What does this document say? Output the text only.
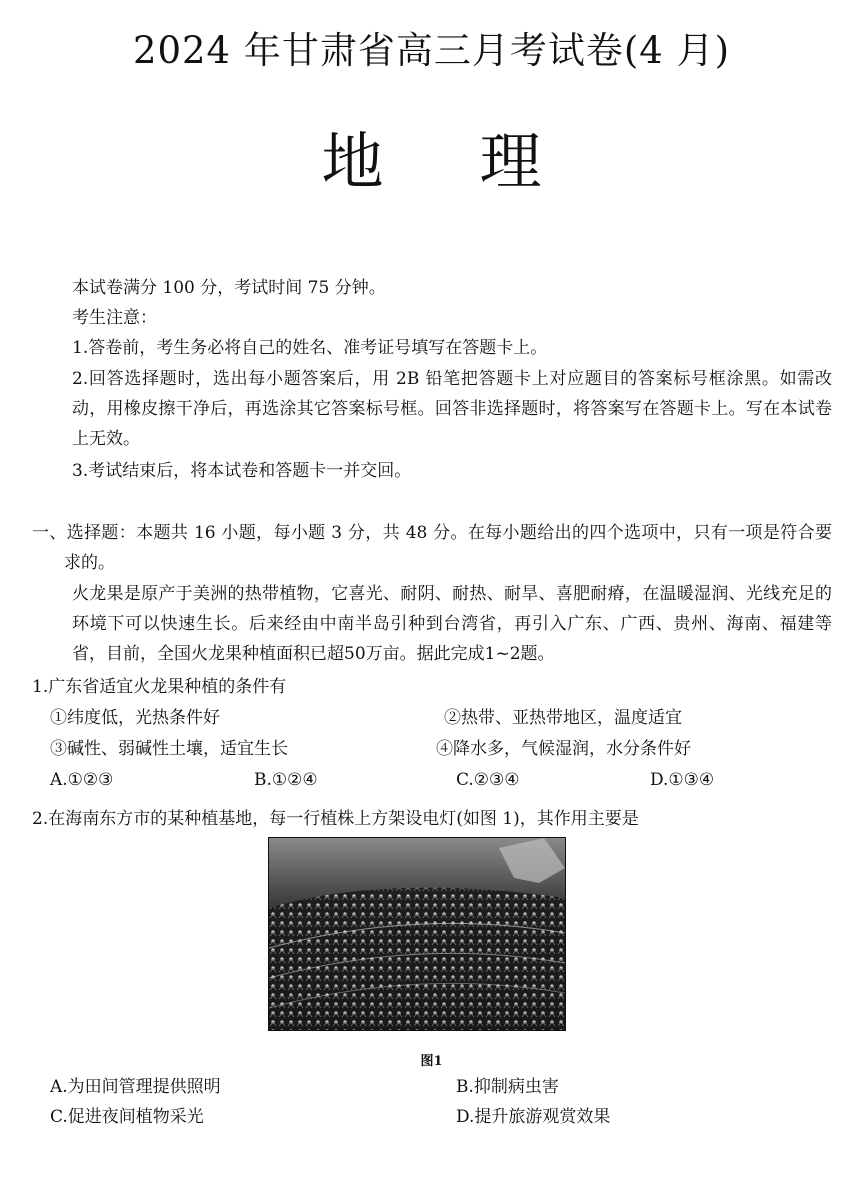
2024 年甘肃省高三月考试卷(4 月)
地 理
本试卷满分 100 分，考试时间 75 分钟。
考生注意：
1.答卷前，考生务必将自己的姓名、准考证号填写在答题卡上。
2.回答选择题时，选出每小题答案后，用 2B 铅笔把答题卡上对应题目的答案标号框涂黑。如需改动，用橡皮擦干净后，再选涂其它答案标号框。回答非选择题时，将答案写在答题卡上。写在本试卷上无效。
3.考试结束后，将本试卷和答题卡一并交回。
一、选择题：本题共 16 小题，每小题 3 分，共 48 分。在每小题给出的四个选项中，只有一项是符合要求的。
火龙果是原产于美洲的热带植物，它喜光、耐阴、耐热、耐旱、喜肥耐瘠，在温暖湿润、光线充足的环境下可以快速生长。后来经由中南半岛引种到台湾省，再引入广东、广西、贵州、海南、福建等省，目前，全国火龙果种植面积已超50万亩。据此完成1~2题。
1.广东省适宜火龙果种植的条件有
①纬度低，光热条件好	②热带、亚热带地区，温度适宜
③碱性、弱碱性土壤，适宜生长	④降水多，气候湿润，水分条件好
A.①②③	B.①②④	C.②③④	D.①③④
2.在海南东方市的某种植基地，每一行植株上方架设电灯(如图 1)，其作用主要是
图1
A.为田间管理提供照明	B.抑制病虫害
C.促进夜间植物采光	D.提升旅游观赏效果
